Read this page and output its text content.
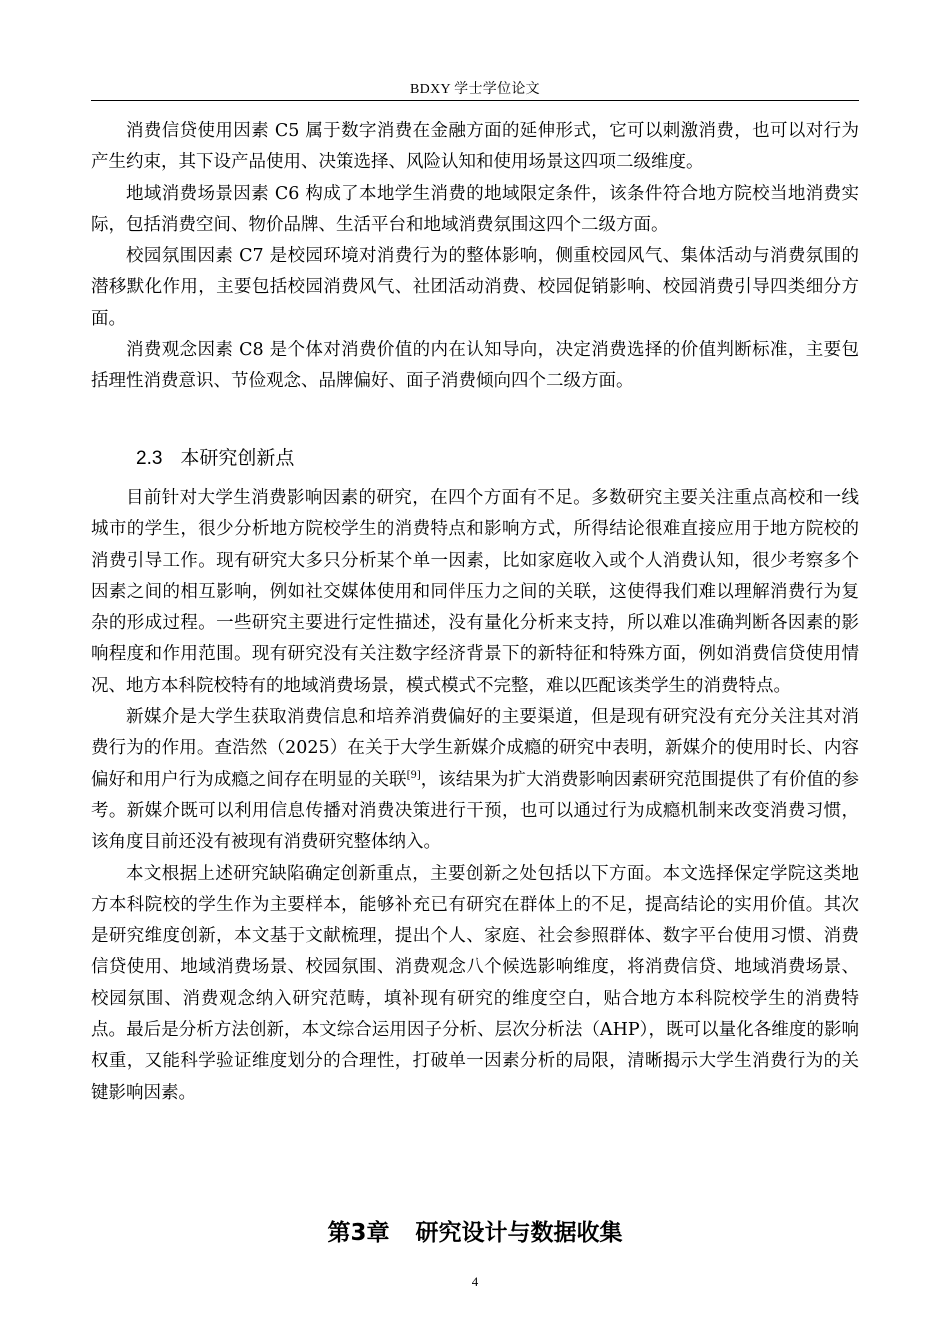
BDXY 学士学位论文

消费信贷使用因素 C5 属于数字消费在金融方面的延伸形式，它可以刺激消费，也可以对行为产生约束，其下设产品使用、决策选择、风险认知和使用场景这四项二级维度。

地域消费场景因素 C6 构成了本地学生消费的地域限定条件，该条件符合地方院校当地消费实际，包括消费空间、物价品牌、生活平台和地域消费氛围这四个二级方面。

校园氛围因素 C7 是校园环境对消费行为的整体影响，侧重校园风气、集体活动与消费氛围的潜移默化作用，主要包括校园消费风气、社团活动消费、校园促销影响、校园消费引导四类细分方面。

消费观念因素 C8 是个体对消费价值的内在认知导向，决定消费选择的价值判断标准，主要包括理性消费意识、节俭观念、品牌偏好、面子消费倾向四个二级方面。

2.3 本研究创新点

目前针对大学生消费影响因素的研究，在四个方面有不足。多数研究主要关注重点高校和一线城市的学生，很少分析地方院校学生的消费特点和影响方式，所得结论很难直接应用于地方院校的消费引导工作。现有研究大多只分析某个单一因素，比如家庭收入或个人消费认知，很少考察多个因素之间的相互影响，例如社交媒体使用和同伴压力之间的关联，这使得我们难以理解消费行为复杂的形成过程。一些研究主要进行定性描述，没有量化分析来支持，所以难以准确判断各因素的影响程度和作用范围。现有研究没有关注数字经济背景下的新特征和特殊方面，例如消费信贷使用情况、地方本科院校特有的地域消费场景，模式模式不完整，难以匹配该类学生的消费特点。

新媒介是大学生获取消费信息和培养消费偏好的主要渠道，但是现有研究没有充分关注其对消费行为的作用。查浩然（2025）在关于大学生新媒介成瘾的研究中表明，新媒介的使用时长、内容偏好和用户行为成瘾之间存在明显的关联[9]，该结果为扩大消费影响因素研究范围提供了有价值的参考。新媒介既可以利用信息传播对消费决策进行干预，也可以通过行为成瘾机制来改变消费习惯，该角度目前还没有被现有消费研究整体纳入。

本文根据上述研究缺陷确定创新重点，主要创新之处包括以下方面。本文选择保定学院这类地方本科院校的学生作为主要样本，能够补充已有研究在群体上的不足，提高结论的实用价值。其次是研究维度创新，本文基于文献梳理，提出个人、家庭、社会参照群体、数字平台使用习惯、消费信贷使用、地域消费场景、校园氛围、消费观念八个候选影响维度，将消费信贷、地域消费场景、校园氛围、消费观念纳入研究范畴，填补现有研究的维度空白，贴合地方本科院校学生的消费特点。最后是分析方法创新，本文综合运用因子分析、层次分析法（AHP），既可以量化各维度的影响权重，又能科学验证维度划分的合理性，打破单一因素分析的局限，清晰揭示大学生消费行为的关键影响因素。

第3章 研究设计与数据收集
4
